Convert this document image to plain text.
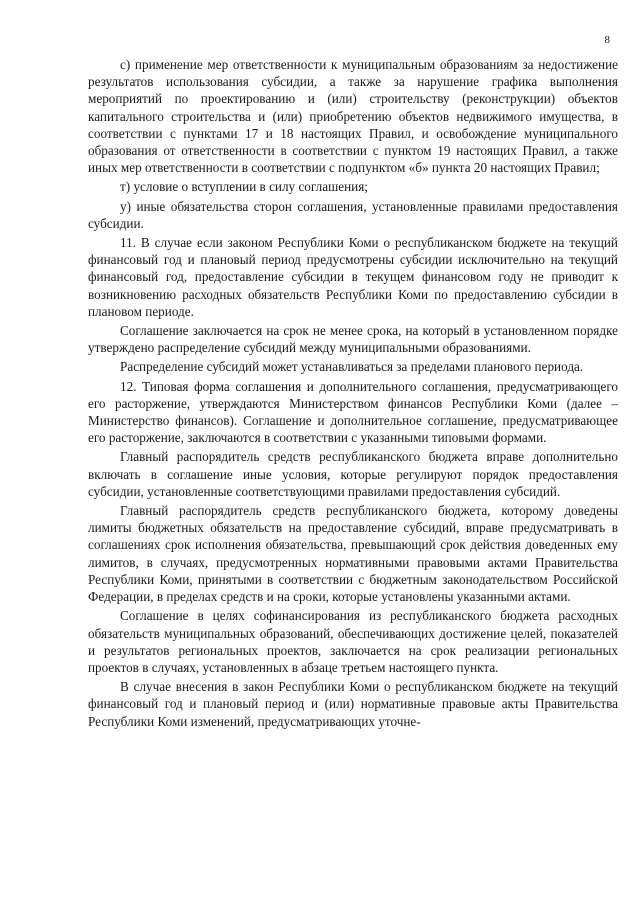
8

с) применение мер ответственности к муниципальным образованиям за недостижение результатов использования субсидии, а также за нарушение графика выполнения мероприятий по проектированию и (или) строительству (реконструкции) объектов капитального строительства и (или) приобретению объектов недвижимого имущества, в соответствии с пунктами 17 и 18 настоящих Правил, и освобождение муниципального образования от ответственности в соответствии с пунктом 19 настоящих Правил, а также иных мер ответственности в соответствии с подпунктом «б» пункта 20 настоящих Правил;

т) условие о вступлении в силу соглашения;

у) иные обязательства сторон соглашения, установленные правилами предоставления субсидии.

11. В случае если законом Республики Коми о республиканском бюджете на текущий финансовый год и плановый период предусмотрены субсидии исключительно на текущий финансовый год, предоставление субсидии в текущем финансовом году не приводит к возникновению расходных обязательств Республики Коми по предоставлению субсидии в плановом периоде.

Соглашение заключается на срок не менее срока, на который в установленном порядке утверждено распределение субсидий между муниципальными образованиями.

Распределение субсидий может устанавливаться за пределами планового периода.

12. Типовая форма соглашения и дополнительного соглашения, предусматривающего его расторжение, утверждаются Министерством финансов Республики Коми (далее – Министерство финансов). Соглашение и дополнительное соглашение, предусматривающее его расторжение, заключаются в соответствии с указанными типовыми формами.

Главный распорядитель средств республиканского бюджета вправе дополнительно включать в соглашение иные условия, которые регулируют порядок предоставления субсидии, установленные соответствующими правилами предоставления субсидий.

Главный распорядитель средств республиканского бюджета, которому доведены лимиты бюджетных обязательств на предоставление субсидий, вправе предусматривать в соглашениях срок исполнения обязательства, превышающий срок действия доведенных ему лимитов, в случаях, предусмотренных нормативными правовыми актами Правительства Республики Коми, принятыми в соответствии с бюджетным законодательством Российской Федерации, в пределах средств и на сроки, которые установлены указанными актами.

Соглашение в целях софинансирования из республиканского бюджета расходных обязательств муниципальных образований, обеспечивающих достижение целей, показателей и результатов региональных проектов, заключается на срок реализации региональных проектов в случаях, установленных в абзаце третьем настоящего пункта.

В случае внесения в закон Республики Коми о республиканском бюджете на текущий финансовый год и плановый период и (или) нормативные правовые акты Правительства Республики Коми изменений, предусматривающих уточне-
